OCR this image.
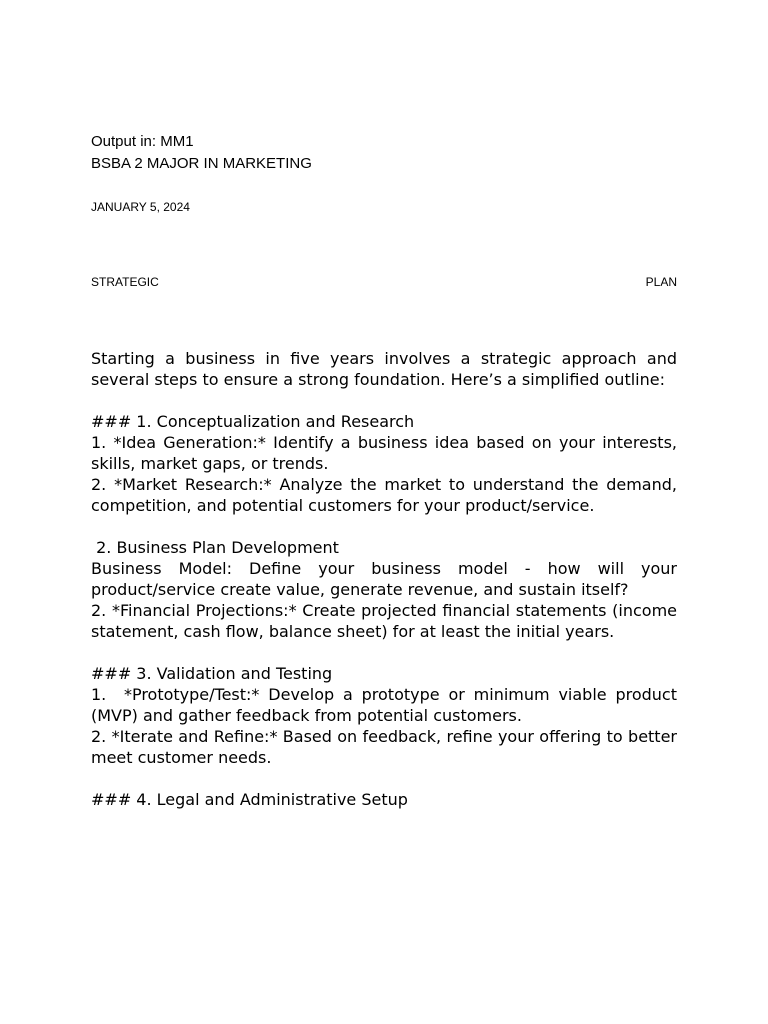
Output in: MM1
BSBA 2 MAJOR IN MARKETING
JANUARY 5, 2024
STRATEGIC	PLAN

Starting a business in five years involves a strategic approach and several steps to ensure a strong foundation. Here’s a simplified outline:

### 1. Conceptualization and Research

1. *Idea Generation:* Identify a business idea based on your interests, skills, market gaps, or trends.

2. *Market Research:* Analyze the market to understand the demand, competition, and potential customers for your product/service.

2. Business Plan Development

Business Model: Define your business model - how will your product/service create value, generate revenue, and sustain itself?

2. *Financial Projections:* Create projected financial statements (income statement, cash flow, balance sheet) for at least the initial years.

### 3. Validation and Testing

1.  *Prototype/Test:* Develop a prototype or minimum viable product (MVP) and gather feedback from potential customers.

2. *Iterate and Refine:* Based on feedback, refine your offering to better meet customer needs.

### 4. Legal and Administrative Setup
